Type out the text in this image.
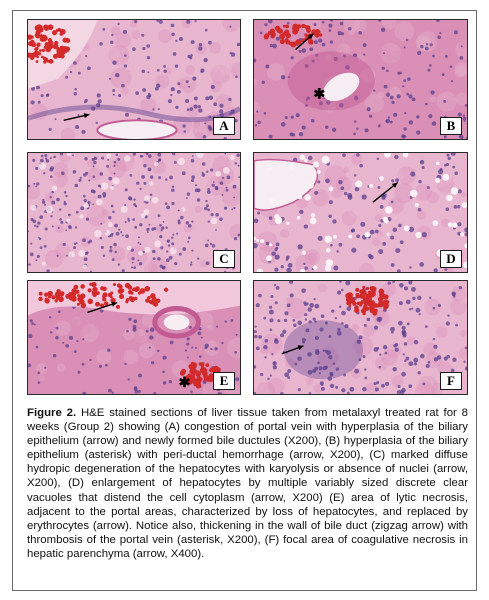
A
✱
B
C	D
✱	E	F
Figure 2. H&E stained sections of liver tissue taken from metalaxyl treated rat for 8 weeks (Group 2) showing (A) congestion of portal vein with hyperplasia of the biliary epithelium (arrow) and newly formed bile ductules (X200), (B) hyperplasia of the biliary epithelium (asterisk) with peri-ductal hemorrhage (arrow, X200), (C) marked diffuse hydropic degeneration of the hepatocytes with karyolysis or absence of nuclei (arrow, X200), (D) enlargement of hepatocytes by multiple variably sized discrete clear vacuoles that distend the cell cytoplasm (arrow, X200) (E) area of lytic necrosis, adjacent to the portal areas, characterized by loss of hepatocytes, and replaced by erythrocytes (arrow). Notice also, thickening in the wall of bile duct (zigzag arrow) with thrombosis of the portal vein (asterisk, X200), (F) focal area of coagulative necrosis in hepatic parenchyma (arrow, X400).
